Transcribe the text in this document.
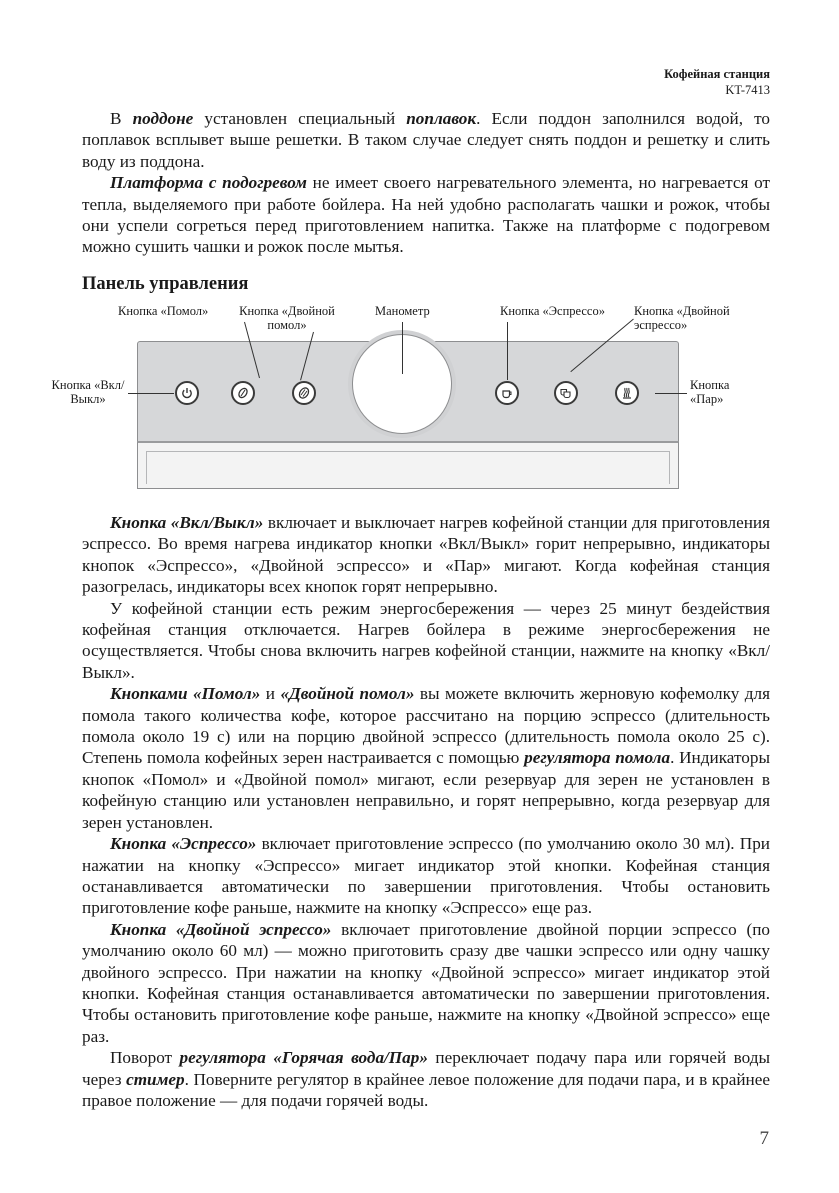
Кофейная станция
KT-7413

В поддоне установлен специальный поплавок. Если поддон заполнился водой, то поплавок всплывет выше решетки. В таком случае следует снять поддон и решетку и слить воду из поддона.

Платформа с подогревом не имеет своего нагревательного элемента, но нагревается от тепла, выделяемого при работе бойлера. На ней удобно располагать чашки и рожок, чтобы они успели согреться перед приготовлением напитка. Также на платформе с подогревом можно сушить чашки и рожок после мытья.

Панель управления
Кнопка «Помол»	Кнопка «Двойной помол»
Манометр	Кнопка «Эспрессо» Кнопка «Двойной эспрессо»
Кнопка «Вкл/Выкл»
Кнопка «Пар»

Кнопка «Вкл/Выкл» включает и выключает нагрев кофейной станции для приготовления эспрессо. Во время нагрева индикатор кнопки «Вкл/Выкл» горит непрерывно, индикаторы кнопок «Эспрессо», «Двойной эспрессо» и «Пар» мигают. Когда кофейная станция разогрелась, индикаторы всех кнопок горят непрерывно.

У кофейной станции есть режим энергосбережения — через 25 минут бездействия кофейная станция отключается. Нагрев бойлера в режиме энергосбережения не осуществляется. Чтобы снова включить нагрев кофейной станции, нажмите на кнопку «Вкл/Выкл».

Кнопками «Помол» и «Двойной помол» вы можете включить жерновую кофемолку для помола такого количества кофе, которое рассчитано на порцию эспрессо (длительность помола около 19 с) или на порцию двойной эспрессо (длительность помола около 25 с). Степень помола кофейных зерен настраивается с помощью регулятора помола. Индикаторы кнопок «Помол» и «Двойной помол» мигают, если резервуар для зерен не установлен в кофейную станцию или установлен неправильно, и горят непрерывно, когда резервуар для зерен установлен.

Кнопка «Эспрессо» включает приготовление эспрессо (по умолчанию около 30 мл). При нажатии на кнопку «Эспрессо» мигает индикатор этой кнопки. Кофейная станция останавливается автоматически по завершении приготовления. Чтобы остановить приготовление кофе раньше, нажмите на кнопку «Эспрессо» еще раз.

Кнопка «Двойной эспрессо» включает приготовление двойной порции эспрессо (по умолчанию около 60 мл) — можно приготовить сразу две чашки эспрессо или одну чашку двойного эспрессо. При нажатии на кнопку «Двойной эспрессо» мигает индикатор этой кнопки. Кофейная станция останавливается автоматически по завершении приготовления. Чтобы остановить приготовление кофе раньше, нажмите на кнопку «Двойной эспрессо» еще раз.

Поворот регулятора «Горячая вода/Пар» переключает подачу пара или горячей воды через стимер. Поверните регулятор в крайнее левое положение для подачи пара, и в крайнее правое положение — для подачи горячей воды.

7
